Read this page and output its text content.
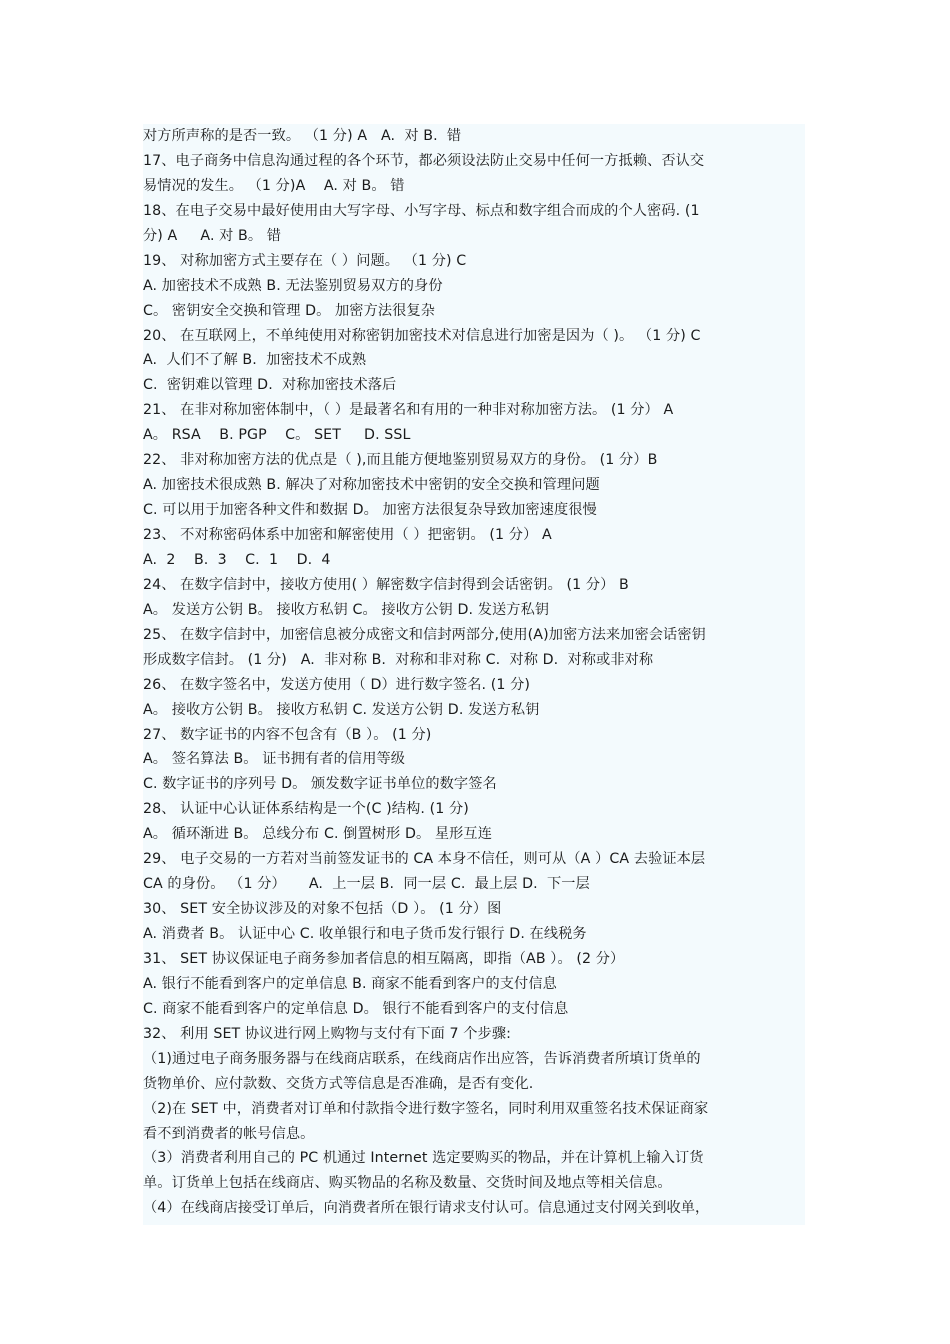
对方所声称的是否一致。 （1 分) A   A.  对 B.  错
17、电子商务中信息沟通过程的各个环节，都必须设法防止交易中任何一方抵赖、否认交
易情况的发生。 （1 分)A    A. 对 B。 错
18、在电子交易中最好使用由大写字母、小写字母、标点和数字组合而成的个人密码. (1
分) A     A. 对 B。 错
19、 对称加密方式主要存在（ ）问题。 （1 分) C
A. 加密技术不成熟 B. 无法鉴别贸易双方的身份
C。 密钥安全交换和管理 D。 加密方法很复杂
20、 在互联网上，不单纯使用对称密钥加密技术对信息进行加密是因为（ )。 （1 分) C
A.  人们不了解 B.  加密技术不成熟
C.  密钥难以管理 D.  对称加密技术落后
21、 在非对称加密体制中，（ ）是最著名和有用的一种非对称加密方法。 (1 分） A
A。 RSA    B. PGP    C。 SET     D. SSL
22、 非对称加密方法的优点是（ ),而且能方便地鉴别贸易双方的身份。 (1 分）B
A. 加密技术很成熟 B. 解决了对称加密技术中密钥的安全交换和管理问题
C. 可以用于加密各种文件和数据 D。 加密方法很复杂导致加密速度很慢
23、 不对称密码体系中加密和解密使用（ ）把密钥。 (1 分） A
A.  2    B.  3    C.  1    D.  4
24、 在数字信封中，接收方使用( ）解密数字信封得到会话密钥。 (1 分） B
A。 发送方公钥 B。 接收方私钥 C。 接收方公钥 D. 发送方私钥
25、 在数字信封中，加密信息被分成密文和信封两部分,使用(A)加密方法来加密会话密钥
形成数字信封。 (1 分)   A.  非对称 B.  对称和非对称 C.  对称 D.  对称或非对称
26、 在数字签名中，发送方使用（ D）进行数字签名. (1 分)
A。 接收方公钥 B。 接收方私钥 C. 发送方公钥 D. 发送方私钥
27、 数字证书的内容不包含有（B ）。 (1 分)
A。 签名算法 B。 证书拥有者的信用等级
C. 数字证书的序列号 D。 颁发数字证书单位的数字签名
28、 认证中心认证体系结构是一个(C )结构. (1 分)
A。 循环渐进 B。 总线分布 C. 倒置树形 D。 星形互连
29、 电子交易的一方若对当前签发证书的 CA 本身不信任，则可从（A ）CA 去验证本层
CA 的身份。 （1 分）     A.  上一层 B.  同一层 C.  最上层 D.  下一层
30、 SET 安全协议涉及的对象不包括（D ）。 (1 分）图
A. 消费者 B。 认证中心 C. 收单银行和电子货币发行银行 D. 在线税务
31、 SET 协议保证电子商务参加者信息的相互隔离，即指（AB ）。 (2 分）
A. 银行不能看到客户的定单信息 B. 商家不能看到客户的支付信息
C. 商家不能看到客户的定单信息 D。 银行不能看到客户的支付信息
32、 利用 SET 协议进行网上购物与支付有下面 7 个步骤:
（1)通过电子商务服务器与在线商店联系，在线商店作出应答，告诉消费者所填订货单的
货物单价、应付款数、交货方式等信息是否准确，是否有变化.
（2)在 SET 中，消费者对订单和付款指令进行数字签名，同时利用双重签名技术保证商家
看不到消费者的帐号信息。
（3）消费者利用自己的 PC 机通过 Internet 选定要购买的物品，并在计算机上输入订货
单。订货单上包括在线商店、购买物品的名称及数量、交货时间及地点等相关信息。
（4）在线商店接受订单后，向消费者所在银行请求支付认可。信息通过支付网关到收单，
